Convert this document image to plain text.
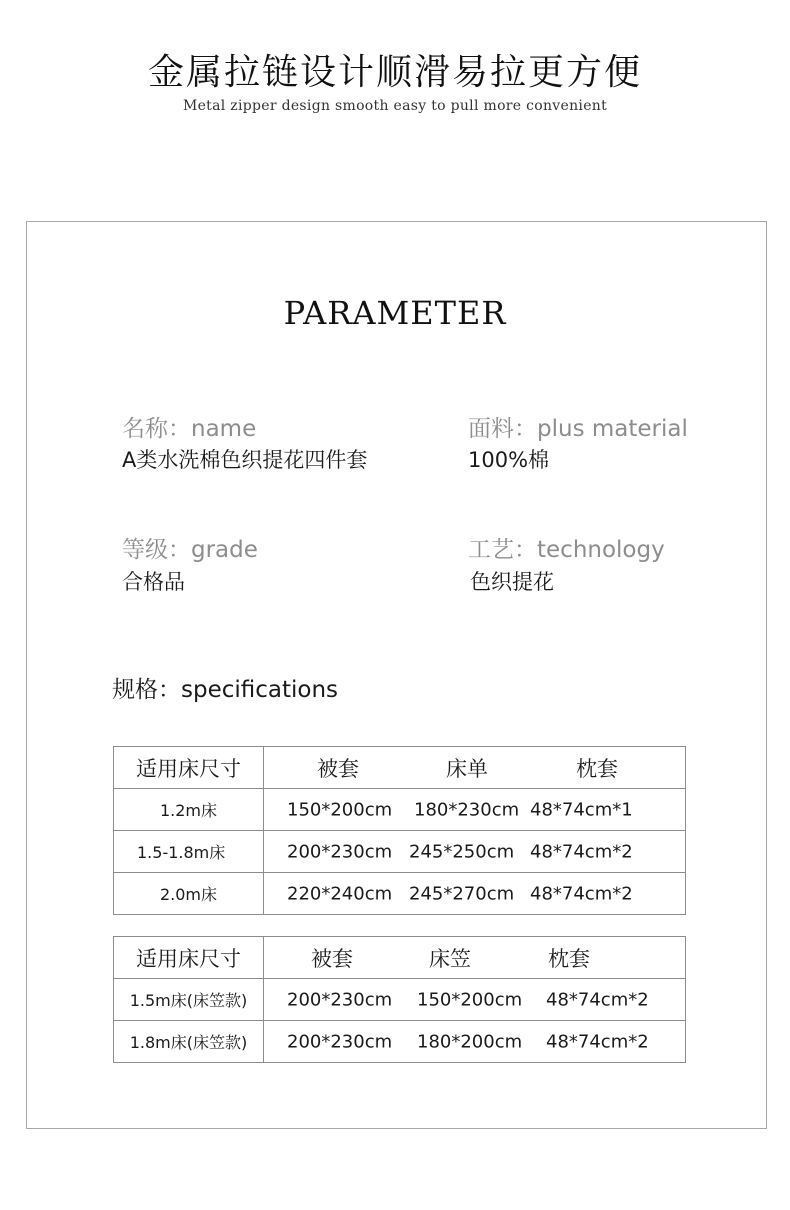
金属拉链设计顺滑易拉更方便
Metal zipper design smooth easy to pull more convenient
PARAMETER
名称：name
A类水洗棉色织提花四件套
面料：plus material
100%棉
等级：grade
合格品
工艺：technology
色织提花
规格：specifications
适用床尺寸	被套 床单 枕套

1.2m床	150*200cm 180*230cm 48*74cm*1

1.5-1.8m床	200*230cm 245*250cm 48*74cm*2

2.0m床	220*240cm 245*270cm 48*74cm*2
适用床尺寸	被套 床笠 枕套

1.5m床(床笠款)	200*230cm 150*200cm 48*74cm*2

1.8m床(床笠款)	200*230cm 180*200cm 48*74cm*2
